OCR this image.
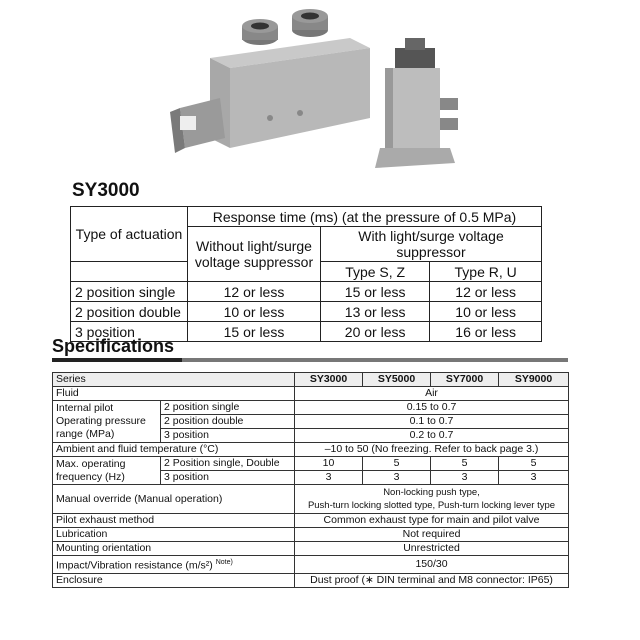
SY3000
Type of actuation	Response time (ms) (at the pressure of 0.5 MPa)		
	Without light/surge voltage suppressor	With light/surge voltage suppressor	
		Type S, Z	Type R, U
2 position single	12 or less	15 or less	12 or less
2 position double	10 or less	13 or less	10 or less
3 position	15 or less	20 or less	16 or less
Specifications
Series		SY3000	SY5000	SY7000	SY9000
Fluid		Air			
Internal pilot Operating pressure range (MPa)	2 position single	0.15 to 0.7			
	2 position double	0.1 to 0.7			
	3 position	0.2 to 0.7			
Ambient and fluid temperature (°C)		–10 to 50 (No freezing. Refer to back page 3.)			
Max. operating frequency (Hz)	2 Position single, Double	10	5	5	5
	3 position	3	3	3	3
Manual override (Manual operation)		Non-locking push type,
Push-turn locking slotted type, Push-turn locking lever type			

Pilot exhaust method		Common exhaust type for main and pilot valve			
Lubrication		Not required			
Mounting orientation		Unrestricted			
Impact/Vibration resistance (m/s²) $^{Note)}$		150/30			
Enclosure		Dust proof (∗ DIN terminal and M8 connector: IP65)			
